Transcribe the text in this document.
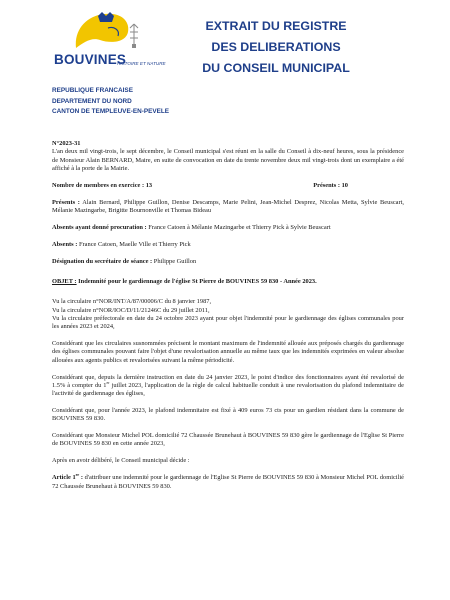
BOUVINES
HISTOIRE ET NATURE
EXTRAIT DU REGISTRE
DES DELIBERATIONS
DU CONSEIL MUNICIPAL
REPUBLIQUE FRANCAISE
DEPARTEMENT DU NORD
CANTON DE TEMPLEUVE-EN-PEVELE
N°2023-31
L'an deux mil vingt-trois, le sept décembre, le Conseil municipal s'est réuni en la salle du Conseil à dix-neuf heures, sous la présidence de Monsieur Alain BERNARD, Maire, en suite de convocation en date du trente novembre deux mil vingt-trois dont un exemplaire a été affiché à la porte de la Mairie.
Nombre de membres en exercice : 13	Présents : 10
Présents : Alain Bernard, Philippe Guillon, Denise Descamps, Marie Pelini, Jean-Michel Desprez, Nicolas Metta, Sylvie Beuscart, Mélanie Mazingarbe, Brigitte Bournonville et Thomas Bideau
Absents ayant donné procuration : France Catoen à Mélanie Mazingarbe et Thierry Pick à Sylvie Beuscart
Absents : France Catoen, Maelle Ville et Thierry Pick
Désignation du secrétaire de séance : Philippe Guillon
OBJET : Indemnité pour le gardiennage de l'église St Pierre de BOUVINES 59 830 - Année 2023.
Vu la circulaire n°NOR/INT/A/87/00006/C du 8 janvier 1987,
Vu la circulaire n°NOR/IOC/D/11/21246C du 29 juillet 2011,
Vu la circulaire préfectorale en date du 24 octobre 2023 ayant pour objet l'indemnité pour le gardiennage des églises communales pour les années 2023 et 2024,
Considérant que les circulaires susnommées précisent le montant maximum de l'indemnité allouée aux préposés chargés du gardiennage des églises communales pouvant faire l'objet d'une revalorisation annuelle au même taux que les indemnités exprimées en valeur absolue allouées aux agents publics et revalorisées suivant la même périodicité.
Considérant que, depuis la dernière instruction en date du 24 janvier 2023, le point d'indice des fonctionnaires ayant été revalorisé de 1.5% à compter du 1er juillet 2023, l'application de la règle de calcul habituelle conduit à une revalorisation du plafond indemnitaire de l'activité de gardiennage des églises,
Considérant que, pour l'année 2023, le plafond indemnitaire est fixé à 409 euros 73 cts pour un gardien résidant dans la commune de BOUVINES 59 830.
Considérant que Monsieur Michel POL domicilié 72 Chaussée Brunehaut à BOUVINES 59 830 gère le gardiennage de l'Eglise St Pierre de BOUVINES 59 830 en cette année 2023,
Après en avoir délibéré, le Conseil municipal décide :
Article 1er : d'attribuer une indemnité pour le gardiennage de l'Eglise St Pierre de BOUVINES 59 830 à Monsieur Michel POL domicilié 72 Chaussée Brunehaut à BOUVINES 59 830.
